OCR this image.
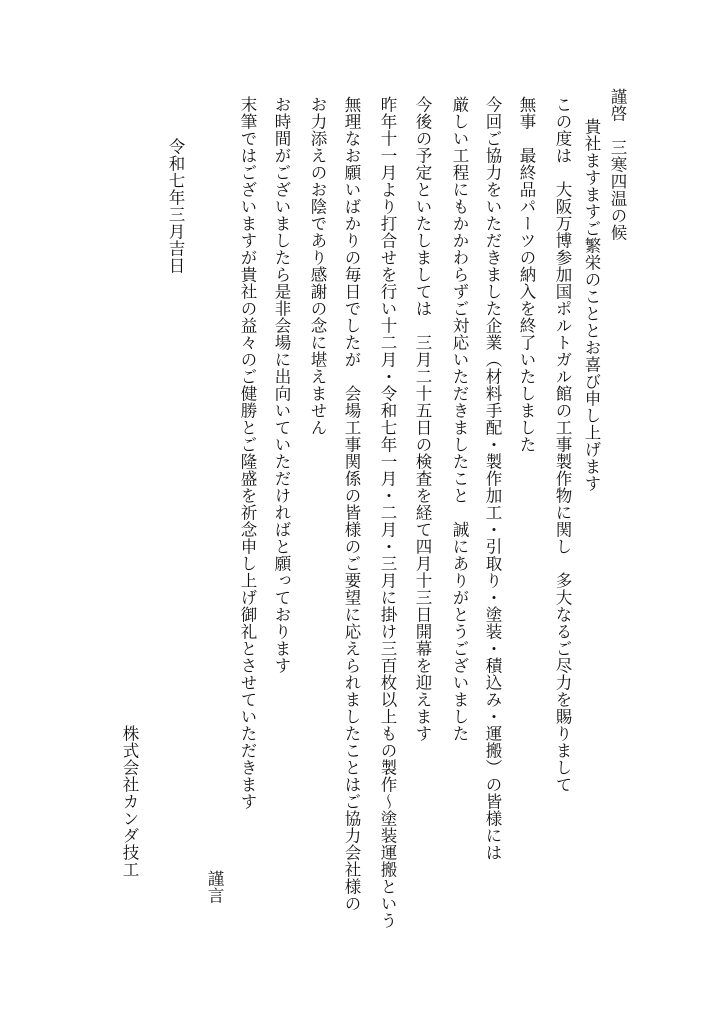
謹啓　三寒四温の候
貴社ますますご繁栄のこととお喜び申し上げます
この度は　大阪万博参加国ポルトガル館の工事製作物に関し　多大なるご尽力を賜りまして
無事　最終品パーツの納入を終了いたしました
今回ご協力をいただきました企業（材料手配・製作加工・引取り・塗装・積込み・運搬）の皆様には
厳しい工程にもかかわらずご対応いただきましたこと　誠にありがとうございました
今後の予定といたしましては　三月二十五日の検査を経て四月十三日開幕を迎えます
昨年十一月より打合せを行い十二月・令和七年一月・二月・三月に掛け三百枚以上もの製作～塗装運搬という
無理なお願いばかりの毎日でしたが　会場工事関係の皆様のご要望に応えられましたことはご協力会社様の
お力添えのお陰であり感謝の念に堪えません
お時間がございましたら是非会場に出向いていただければと願っております
末筆ではございますが貴社の益々のご健勝とご隆盛を祈念申し上げ御礼とさせていただきます
令和七年三月吉日
株式会社カンダ技工
謹言
